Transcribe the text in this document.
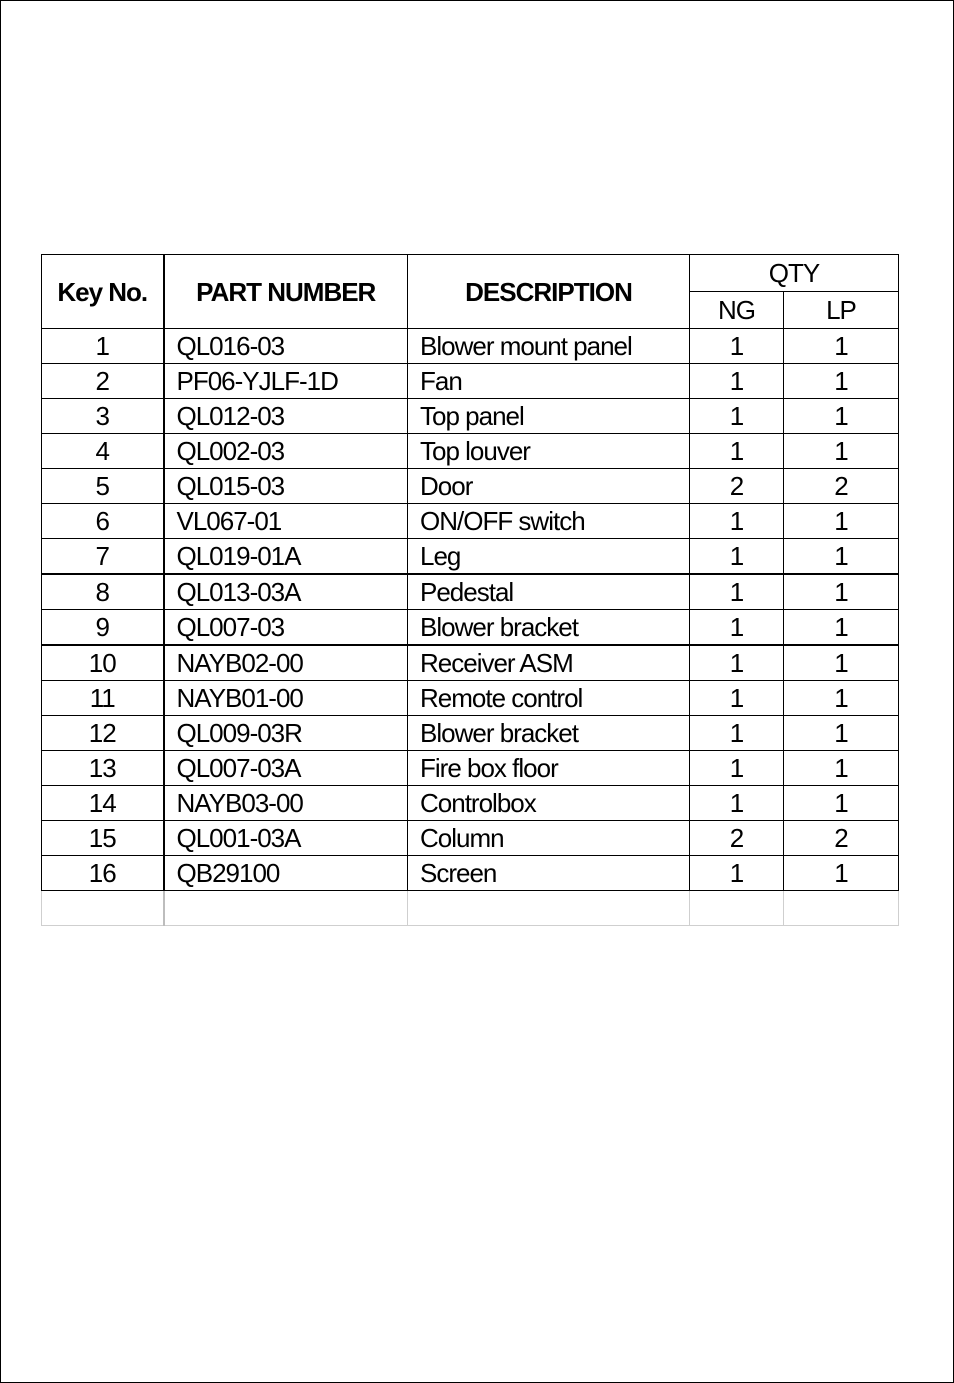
Key No.	PART NUMBER	DESCRIPTION	QTY	
			NG	LP
1	QL016-03	Blower mount panel	1	1
2	PF06-YJLF-1D	Fan	1	1
3	QL012-03	Top panel	1	1
4	QL002-03	Top louver	1	1
5	QL015-03	Door	2	2
6	VL067-01	ON/OFF switch	1	1
7	QL019-01A	Leg	1	1
8	QL013-03A	Pedestal	1	1
9	QL007-03	Blower bracket	1	1
10	NAYB02-00	Receiver ASM	1	1
11	NAYB01-00	Remote control	1	1
12	QL009-03R	Blower bracket	1	1
13	QL007-03A	Fire box floor	1	1
14	NAYB03-00	Controlbox	1	1
15	QL001-03A	Column	2	2
16	QB29100	Screen	1	1
